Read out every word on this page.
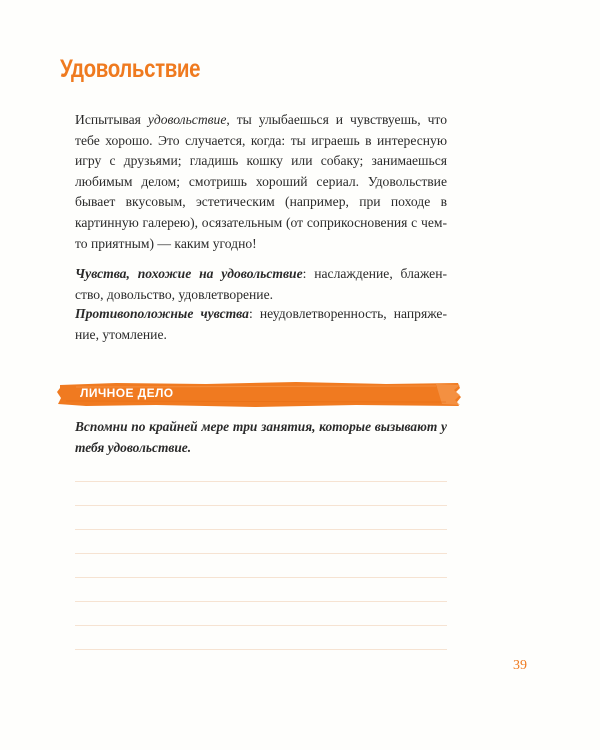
Удовольствие

Испытывая удовольствие, ты улыбаешься и чувствуешь, что тебе хорошо. Это случается, когда: ты играешь в интересную игру с друзьями; гладишь кошку или собаку; занимаешься любимым делом; смотришь хороший сериал. Удовольствие бывает вкусовым, эстетическим (например, при походе в картинную галерею), осязательным (от соприкосновения с чем-то приятным) — каким угодно!

Чувства, похожие на удовольствие: наслаждение, блаженство, довольство, удовлетворение.

Противоположные чувства: неудовлетворенность, напряжение, утомление.

ЛИЧНОЕ ДЕЛО

Вспомни по крайней мере три занятия, которые вызывают у тебя удовольствие.

39
